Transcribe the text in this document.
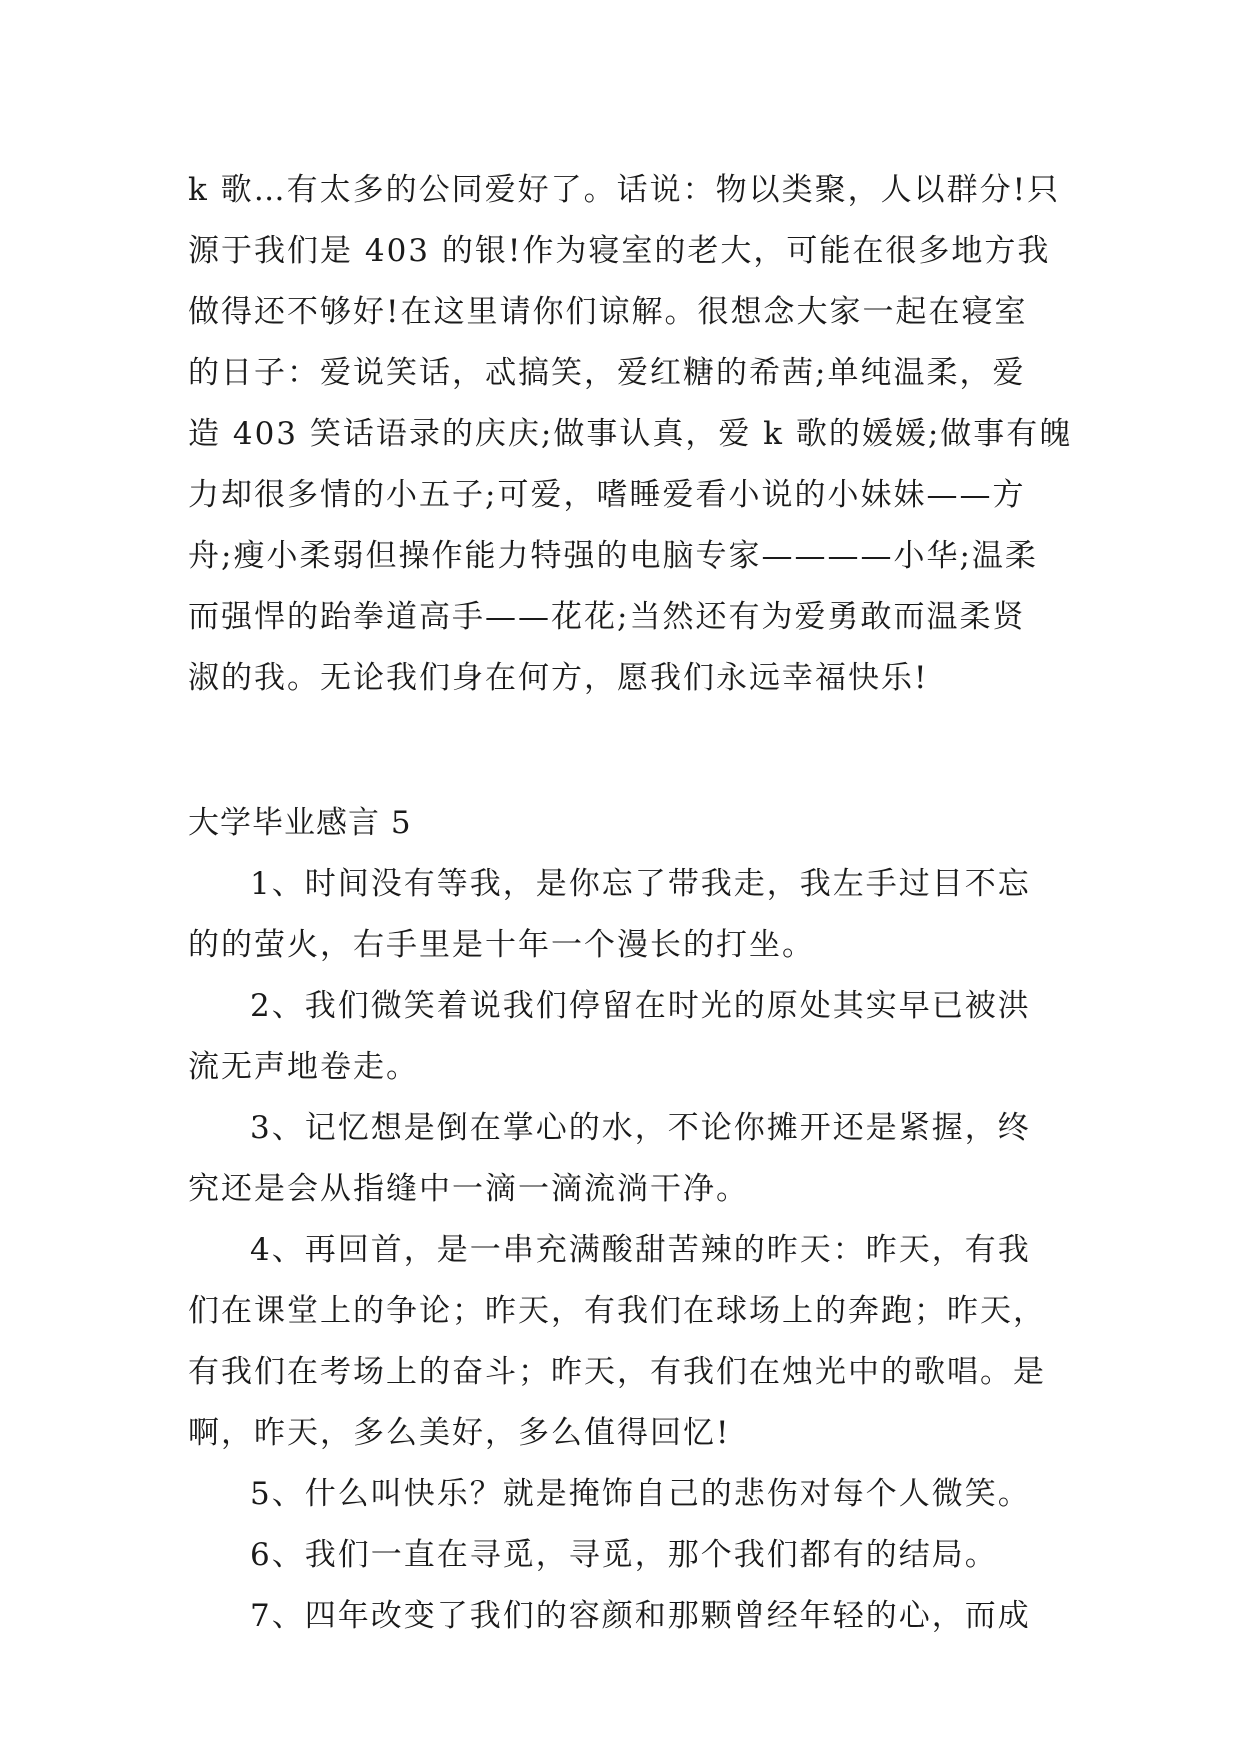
k 歌…有太多的公同爱好了。话说：物以类聚，人以群分!只
源于我们是 403 的银!作为寝室的老大，可能在很多地方我
做得还不够好!在这里请你们谅解。很想念大家一起在寝室
的日子：爱说笑话，忒搞笑，爱红糖的希茜;单纯温柔，爱
造 403 笑话语录的庆庆;做事认真，爱 k 歌的媛媛;做事有魄
力却很多情的小五子;可爱，嗜睡爱看小说的小妹妹——方
舟;瘦小柔弱但操作能力特强的电脑专家————小华;温柔
而强悍的跆拳道高手——花花;当然还有为爱勇敢而温柔贤
淑的我。无论我们身在何方，愿我们永远幸福快乐!
大学毕业感言 5
1、时间没有等我，是你忘了带我走，我左手过目不忘
的的萤火，右手里是十年一个漫长的打坐。
2、我们微笑着说我们停留在时光的原处其实早已被洪
流无声地卷走。
3、记忆想是倒在掌心的水，不论你摊开还是紧握，终
究还是会从指缝中一滴一滴流淌干净。
4、再回首，是一串充满酸甜苦辣的昨天：昨天，有我
们在课堂上的争论；昨天，有我们在球场上的奔跑；昨天，
有我们在考场上的奋斗；昨天，有我们在烛光中的歌唱。是
啊，昨天，多么美好，多么值得回忆!
5、什么叫快乐？就是掩饰自己的悲伤对每个人微笑。
6、我们一直在寻觅，寻觅，那个我们都有的结局。
7、四年改变了我们的容颜和那颗曾经年轻的心，而成
